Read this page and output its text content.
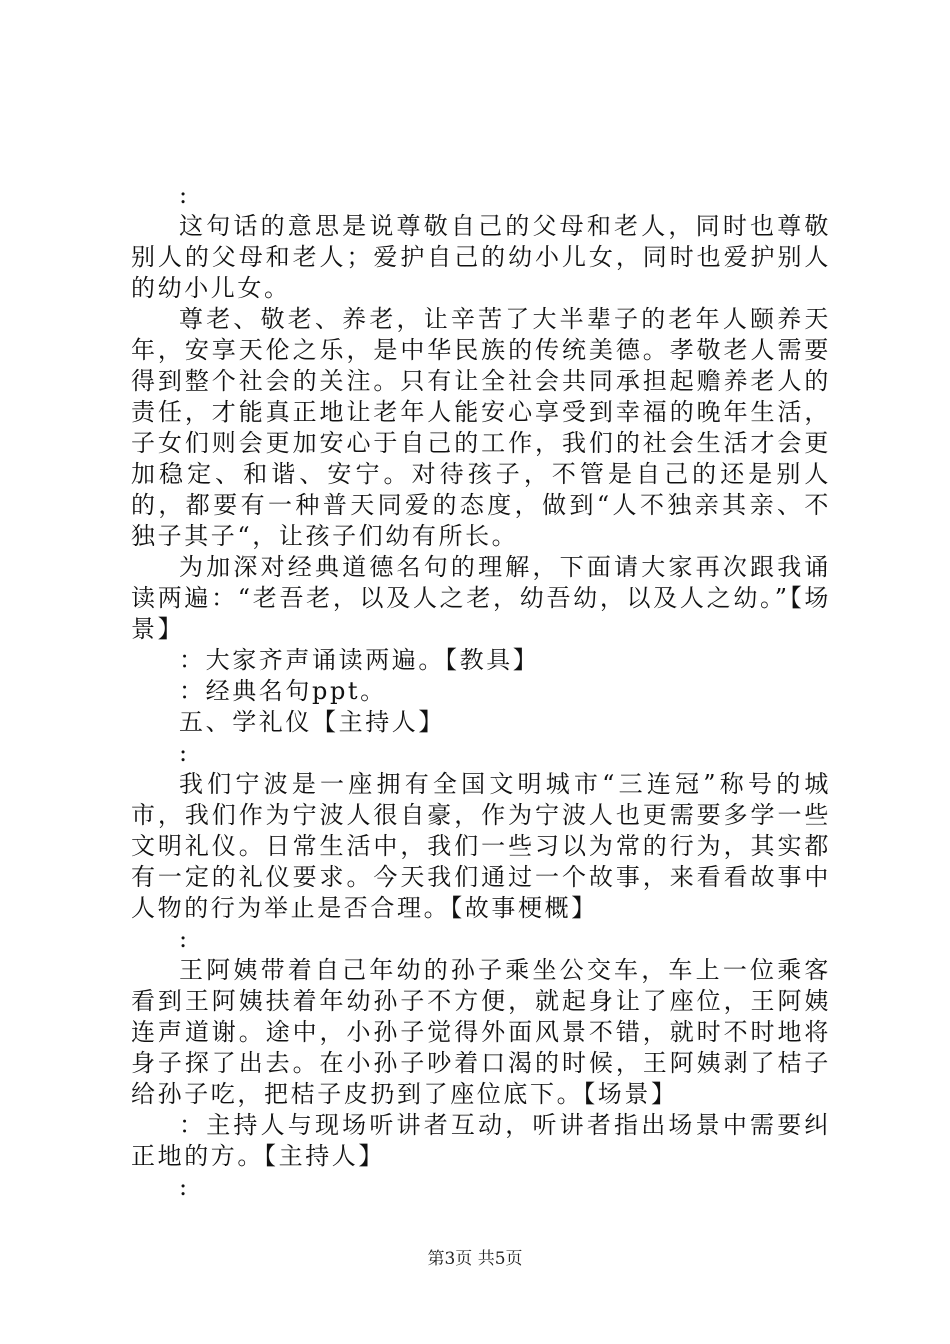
:

这句话的意思是说尊敬自己的父母和老人，同时也尊敬别人的父母和老人；爱护自己的幼小儿女，同时也爱护别人的幼小儿女。

尊老、敬老、养老，让辛苦了大半辈子的老年人颐养天年，安享天伦之乐，是中华民族的传统美德。孝敬老人需要得到整个社会的关注。只有让全社会共同承担起赡养老人的责任，才能真正地让老年人能安心享受到幸福的晚年生活，子女们则会更加安心于自己的工作，我们的社会生活才会更加稳定、和谐、安宁。对待孩子，不管是自己的还是别人的，都要有一种普天同爱的态度，做到“人不独亲其亲、不独子其子“，让孩子们幼有所长。

为加深对经典道德名句的理解，下面请大家再次跟我诵读两遍：“老吾老，以及人之老，幼吾幼，以及人之幼。”【场景】

：大家齐声诵读两遍。【教具】

：经典名句ppt。

五、学礼仪【主持人】

:

我们宁波是一座拥有全国文明城市“三连冠”称号的城市，我们作为宁波人很自豪，作为宁波人也更需要多学一些文明礼仪。日常生活中，我们一些习以为常的行为，其实都有一定的礼仪要求。今天我们通过一个故事，来看看故事中人物的行为举止是否合理。【故事梗概】

:

王阿姨带着自己年幼的孙子乘坐公交车，车上一位乘客看到王阿姨扶着年幼孙子不方便，就起身让了座位，王阿姨连声道谢。途中，小孙子觉得外面风景不错，就时不时地将身子探了出去。在小孙子吵着口渴的时候，王阿姨剥了桔子给孙子吃，把桔子皮扔到了座位底下。【场景】

：主持人与现场听讲者互动，听讲者指出场景中需要纠正地的方。【主持人】

:

第3页 共5页
